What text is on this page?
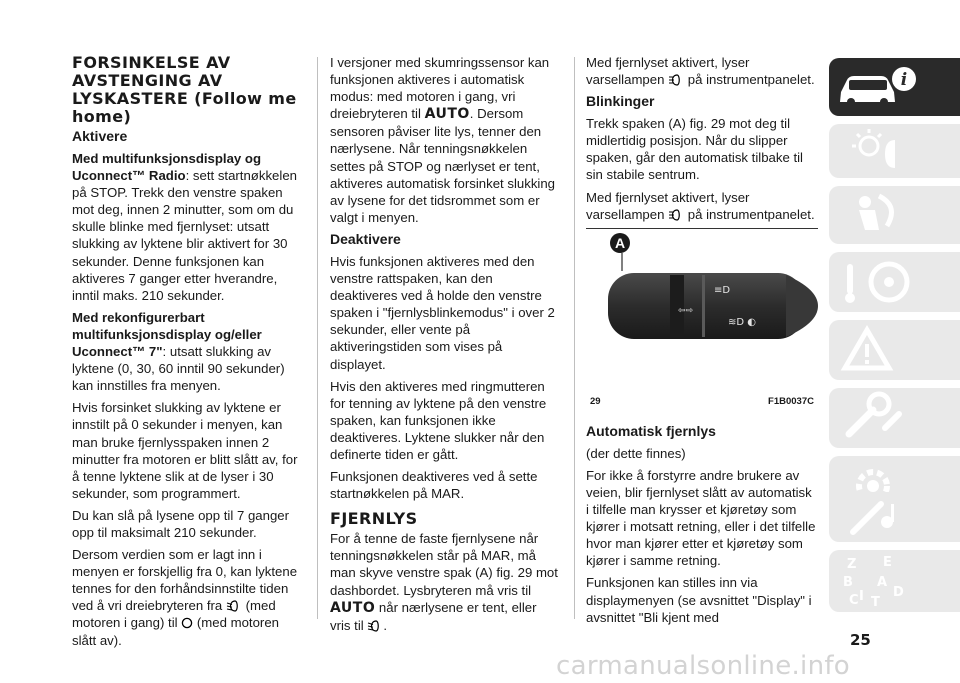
FORSINKELSE AV AVSTENGING AV LYSKASTERE (Follow me home)

Aktivere

Med multifunksjonsdisplay og Uconnect™ Radio: sett startnøkkelen på STOP. Trekk den venstre spaken mot deg, innen 2 minutter, som om du skulle blinke med fjernlyset: utsatt slukking av lyktene blir aktivert for 30 sekunder. Denne funksjonen kan aktiveres 7 ganger etter hverandre, inntil maks. 210 sekunder.

Med rekonfigurerbart multifunksjonsdisplay og/eller Uconnect™ 7": utsatt slukking av lyktene (0, 30, 60 inntil 90 sekunder) kan innstilles fra menyen.

Hvis forsinket slukking av lyktene er innstilt på 0 sekunder i menyen, kan man bruke fjernlysspaken innen 2 minutter fra motoren er blitt slått av, for å tenne lyktene slik at de lyser i 30 sekunder, som programmert.

Du kan slå på lysene opp til 7 ganger opp til maksimalt 210 sekunder.

Dersom verdien som er lagt inn i menyen er forskjellig fra 0, kan lyktene tennes for den forhåndsinnstilte tiden ved å vri dreiebryteren fra (med motoren i gang) til (med motoren slått av).

I versjoner med skumringssensor kan funksjonen aktiveres i automatisk modus: med motoren i gang, vri dreiebryteren til AUTO. Dersom sensoren påviser lite lys, tenner den nærlysene. Når tenningsnøkkelen settes på STOP og nærlyset er tent, aktiveres automatisk forsinket slukking av lysene for det tidsrommet som er valgt i menyen.

Deaktivere

Hvis funksjonen aktiveres med den venstre rattspaken, kan den deaktiveres ved å holde den venstre spaken i "fjernlysblinkemodus" i over 2 sekunder, eller vente på aktiveringstiden som vises på displayet.

Hvis den aktiveres med ringmutteren for tenning av lyktene på den venstre spaken, kan funksjonen ikke deaktiveres. Lyktene slukker når den definerte tiden er gått.

Funksjonen deaktiveres ved å sette startnøkkelen på MAR.

FJERNLYS

For å tenne de faste fjernlysene når tenningsnøkkelen står på MAR, må man skyve venstre spak (A) fig. 29 mot dashbordet. Lysbryteren må vris til
AUTO når nærlysene er tent, eller vris til .

Med fjernlyset aktivert, lyser varsellampen på instrumentpanelet.

Blinkinger

Trekk spaken (A) fig. 29 mot deg til midlertidig posisjon. Når du slipper spaken, går den automatisk tilbake til sin stabile sentrum.

Med fjernlyset aktivert, lyser varsellampen på instrumentpanelet.

⇦⇨
≡D
≋D ◐
A
29	F1B0037C

Automatisk fjernlys

(der dette finnes)

For ikke å forstyrre andre brukere av veien, blir fjernlyset slått av automatisk i tilfelle man krysser et kjøretøy som kjører i motsatt retning, eller i det tilfelle hvor man kjører etter et kjøretøy som kjører i samme retning.

Funksjonen kan stilles inn via displaymenyen (se avsnittet "Display" i avsnittet "Bli kjent med

i
Z E
B A
I
C T
D
25
carmanualsonline.info
